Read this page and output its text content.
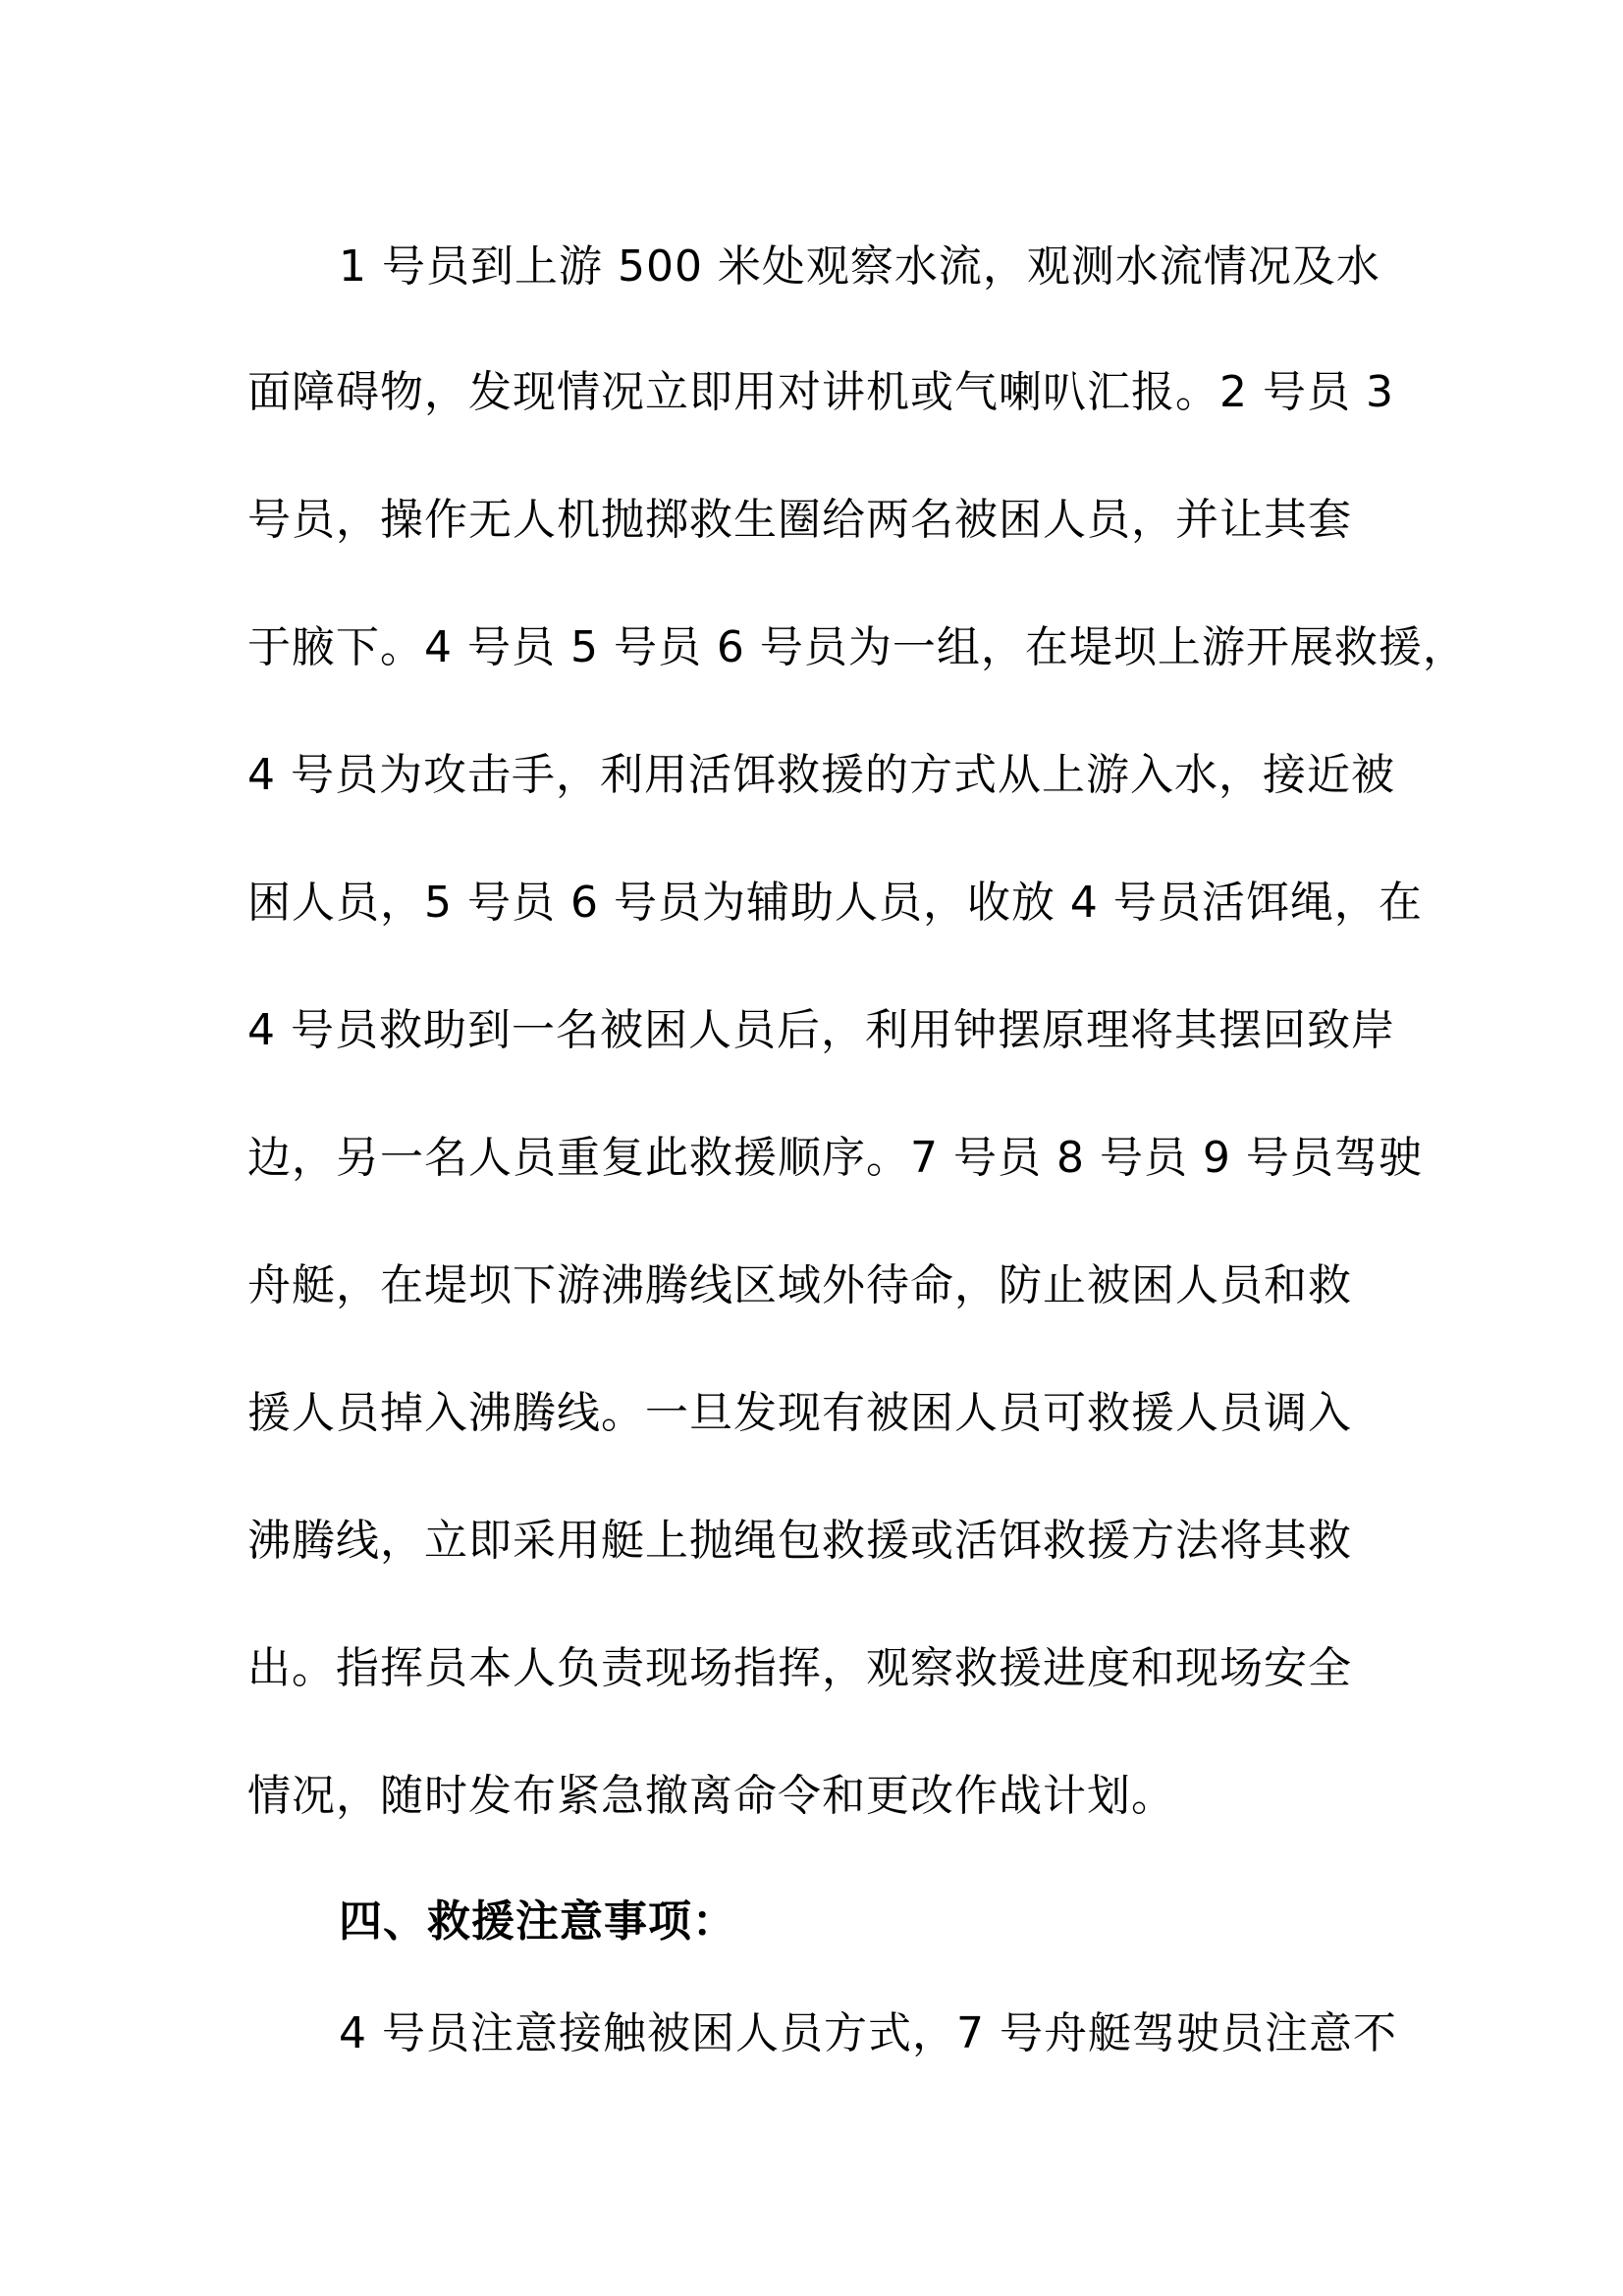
1 号员到上游 500 米处观察水流，观测水流情况及水
面障碍物，发现情况立即用对讲机或气喇叭汇报。2 号员 3
号员，操作无人机抛掷救生圈给两名被困人员，并让其套
于腋下。4 号员 5 号员 6 号员为一组，在堤坝上游开展救援，
4 号员为攻击手，利用活饵救援的方式从上游入水，接近被
困人员，5 号员 6 号员为辅助人员，收放 4 号员活饵绳，在
4 号员救助到一名被困人员后，利用钟摆原理将其摆回致岸
边，另一名人员重复此救援顺序。7 号员 8 号员 9 号员驾驶
舟艇，在堤坝下游沸腾线区域外待命，防止被困人员和救
援人员掉入沸腾线。一旦发现有被困人员可救援人员调入
沸腾线，立即采用艇上抛绳包救援或活饵救援方法将其救
出。指挥员本人负责现场指挥，观察救援进度和现场安全
情况，随时发布紧急撤离命令和更改作战计划。
四、救援注意事项：
4 号员注意接触被困人员方式，7 号舟艇驾驶员注意不
